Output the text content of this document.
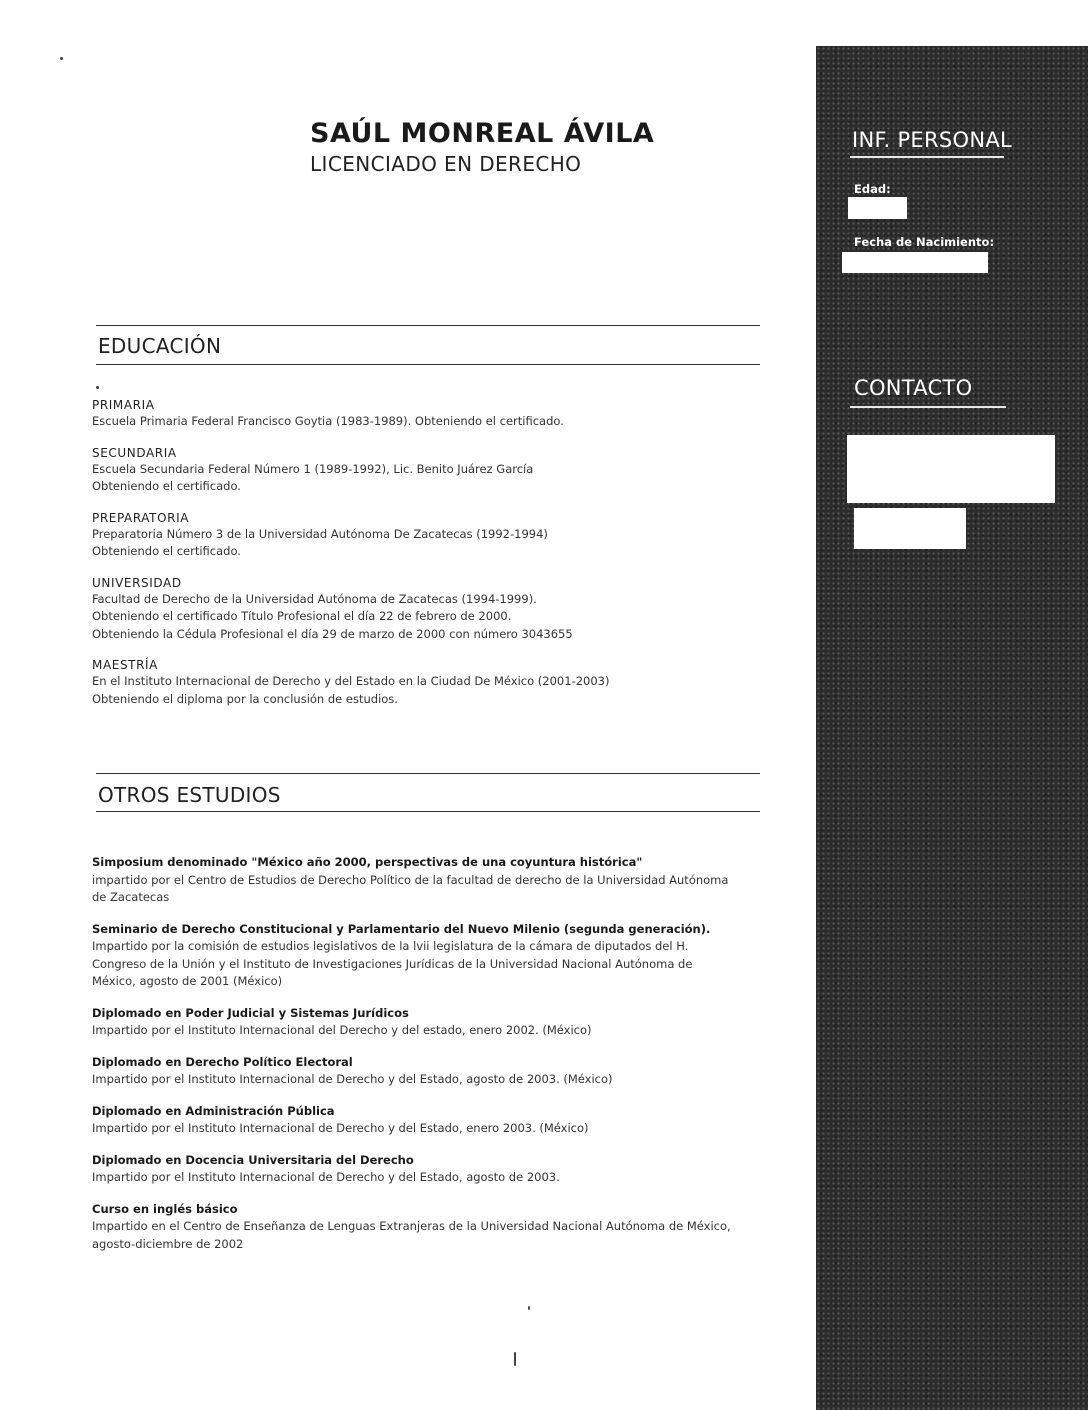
SAÚL MONREAL ÁVILA
LICENCIADO EN DERECHO
EDUCACIÓN
PRIMARIA
Escuela Primaria Federal Francisco Goytia (1983-1989). Obteniendo el certificado.
SECUNDARIA
Escuela Secundaria Federal Número 1 (1989-1992), Lic. Benito Juárez García
Obteniendo el certificado.
PREPARATORIA
Preparatoria Número 3 de la Universidad Autónoma De Zacatecas (1992-1994)
Obteniendo el certificado.
UNIVERSIDAD
Facultad de Derecho de la Universidad Autónoma de Zacatecas (1994-1999).
Obteniendo el certificado Título Profesional el día 22 de febrero de 2000.
Obteniendo la Cédula Profesional el día 29 de marzo de 2000 con número 3043655
MAESTRÍA
En el Instituto Internacional de Derecho y del Estado en la Ciudad De México (2001-2003)
Obteniendo el diploma por la conclusión de estudios.
OTROS ESTUDIOS
Simposium denominado "México año 2000, perspectivas de una coyuntura histórica"
impartido por el Centro de Estudios de Derecho Político de la facultad de derecho de la Universidad Autónoma de Zacatecas
Seminario de Derecho Constitucional y Parlamentario del Nuevo Milenio (segunda generación). Impartido por la comisión de estudios legislativos de la lvii legislatura de la cámara de diputados del H. Congreso de la Unión y el Instituto de Investigaciones Jurídicas de la Universidad Nacional Autónoma de México, agosto de 2001 (México)
Diplomado en Poder Judicial y Sistemas Jurídicos
Impartido por el Instituto Internacional del Derecho y del estado, enero 2002. (México)
Diplomado en Derecho Político Electoral
Impartido por el Instituto Internacional de Derecho y del Estado, agosto de 2003. (México)
Diplomado en Administración Pública
Impartido por el Instituto Internacional de Derecho y del Estado, enero 2003. (México)
Diplomado en Docencia Universitaria del Derecho
Impartido por el Instituto Internacional de Derecho y del Estado, agosto de 2003.
Curso en inglés básico
Impartido en el Centro de Enseñanza de Lenguas Extranjeras de la Universidad Nacional Autónoma de México, agosto-diciembre de 2002
INF. PERSONAL
Edad:
Fecha de Nacimiento:
CONTACTO
